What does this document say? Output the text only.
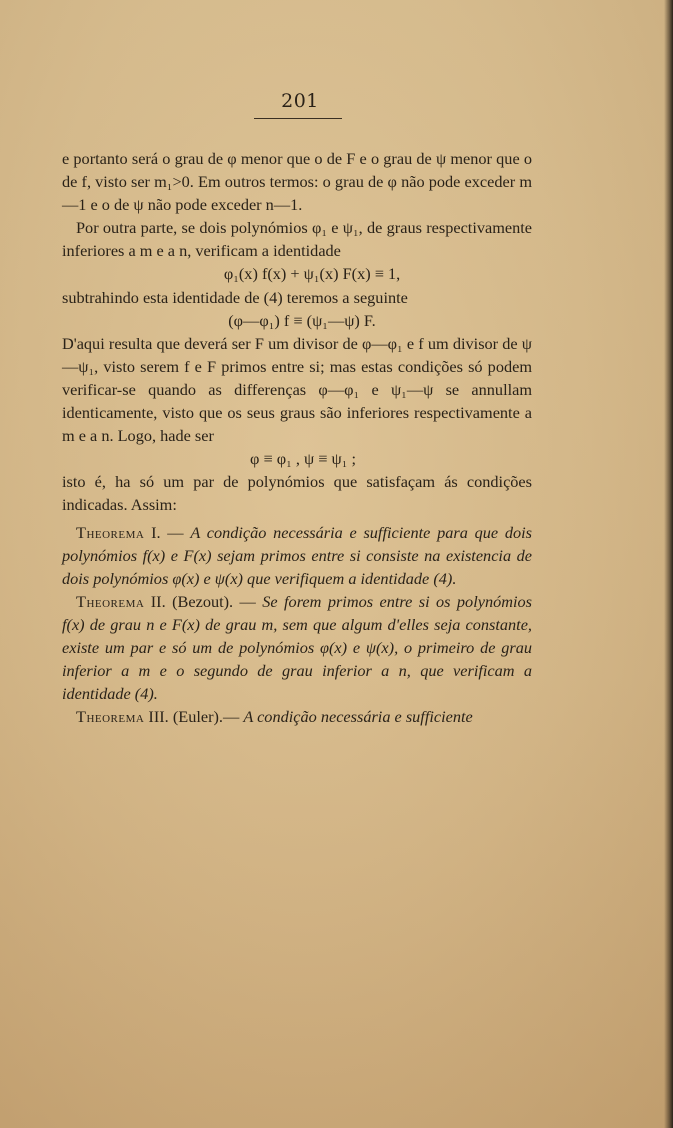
201

e portanto será o grau de φ menor que o de F e o grau de ψ menor que o de f, visto ser m₁>0. Em outros termos: o grau de φ não pode exceder m—1 e o de ψ não pode exceder n—1.

Por outra parte, se dois polynómios φ₁ e ψ₁, de graus respectivamente inferiores a m e a n, verificam a identidade

φ₁(x) f(x) + ψ₁(x) F(x) ≡ 1,

subtrahindo esta identidade de (4) teremos a seguinte

(φ—φ₁) f ≡ (ψ₁—ψ) F.

D'aqui resulta que deverá ser F um divisor de φ—φ₁ e f um divisor de ψ—ψ₁, visto serem f e F primos entre si; mas estas condições só podem verificar-se quando as differenças φ—φ₁ e ψ₁—ψ se annullam identicamente, visto que os seus graus são inferiores respectivamente a m e a n. Logo, hade ser

φ ≡ φ₁ , ψ ≡ ψ₁ ;

isto é, ha só um par de polynómios que satisfaçam ás condições indicadas. Assim:

Theorema I. — A condição necessária e sufficiente para que dois polynómios f(x) e F(x) sejam primos entre si consiste na existencia de dois polynómios φ(x) e ψ(x) que verifiquem a identidade (4).

Theorema II. (Bezout). — Se forem primos entre si os polynómios f(x) de grau n e F(x) de grau m, sem que algum d'elles seja constante, existe um par e só um de polynómios φ(x) e ψ(x), o primeiro de grau inferior a m e o segundo de grau inferior a n, que verificam a identidade (4).

Theorema III. (Euler).— A condição necessária e sufficiente
